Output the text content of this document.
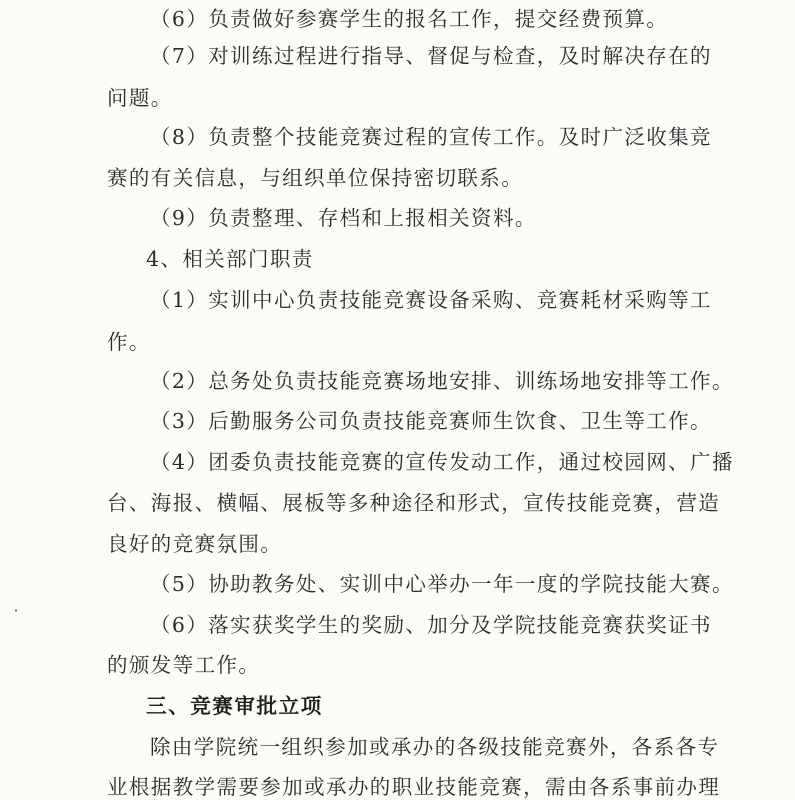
（6）负责做好参赛学生的报名工作，提交经费预算。
（7）对训练过程进行指导、督促与检查，及时解决存在的
问题。
（8）负责整个技能竞赛过程的宣传工作。及时广泛收集竞
赛的有关信息，与组织单位保持密切联系。
（9）负责整理、存档和上报相关资料。
4、相关部门职责
（1）实训中心负责技能竞赛设备采购、竞赛耗材采购等工
作。
（2）总务处负责技能竞赛场地安排、训练场地安排等工作。
（3）后勤服务公司负责技能竞赛师生饮食、卫生等工作。
（4）团委负责技能竞赛的宣传发动工作，通过校园网、广播
台、海报、横幅、展板等多种途径和形式，宣传技能竞赛，营造
良好的竞赛氛围。
（5）协助教务处、实训中心举办一年一度的学院技能大赛。
（6）落实获奖学生的奖励、加分及学院技能竞赛获奖证书
的颁发等工作。
三、竞赛审批立项
除由学院统一组织参加或承办的各级技能竞赛外，各系各专
业根据教学需要参加或承办的职业技能竞赛，需由各系事前办理
